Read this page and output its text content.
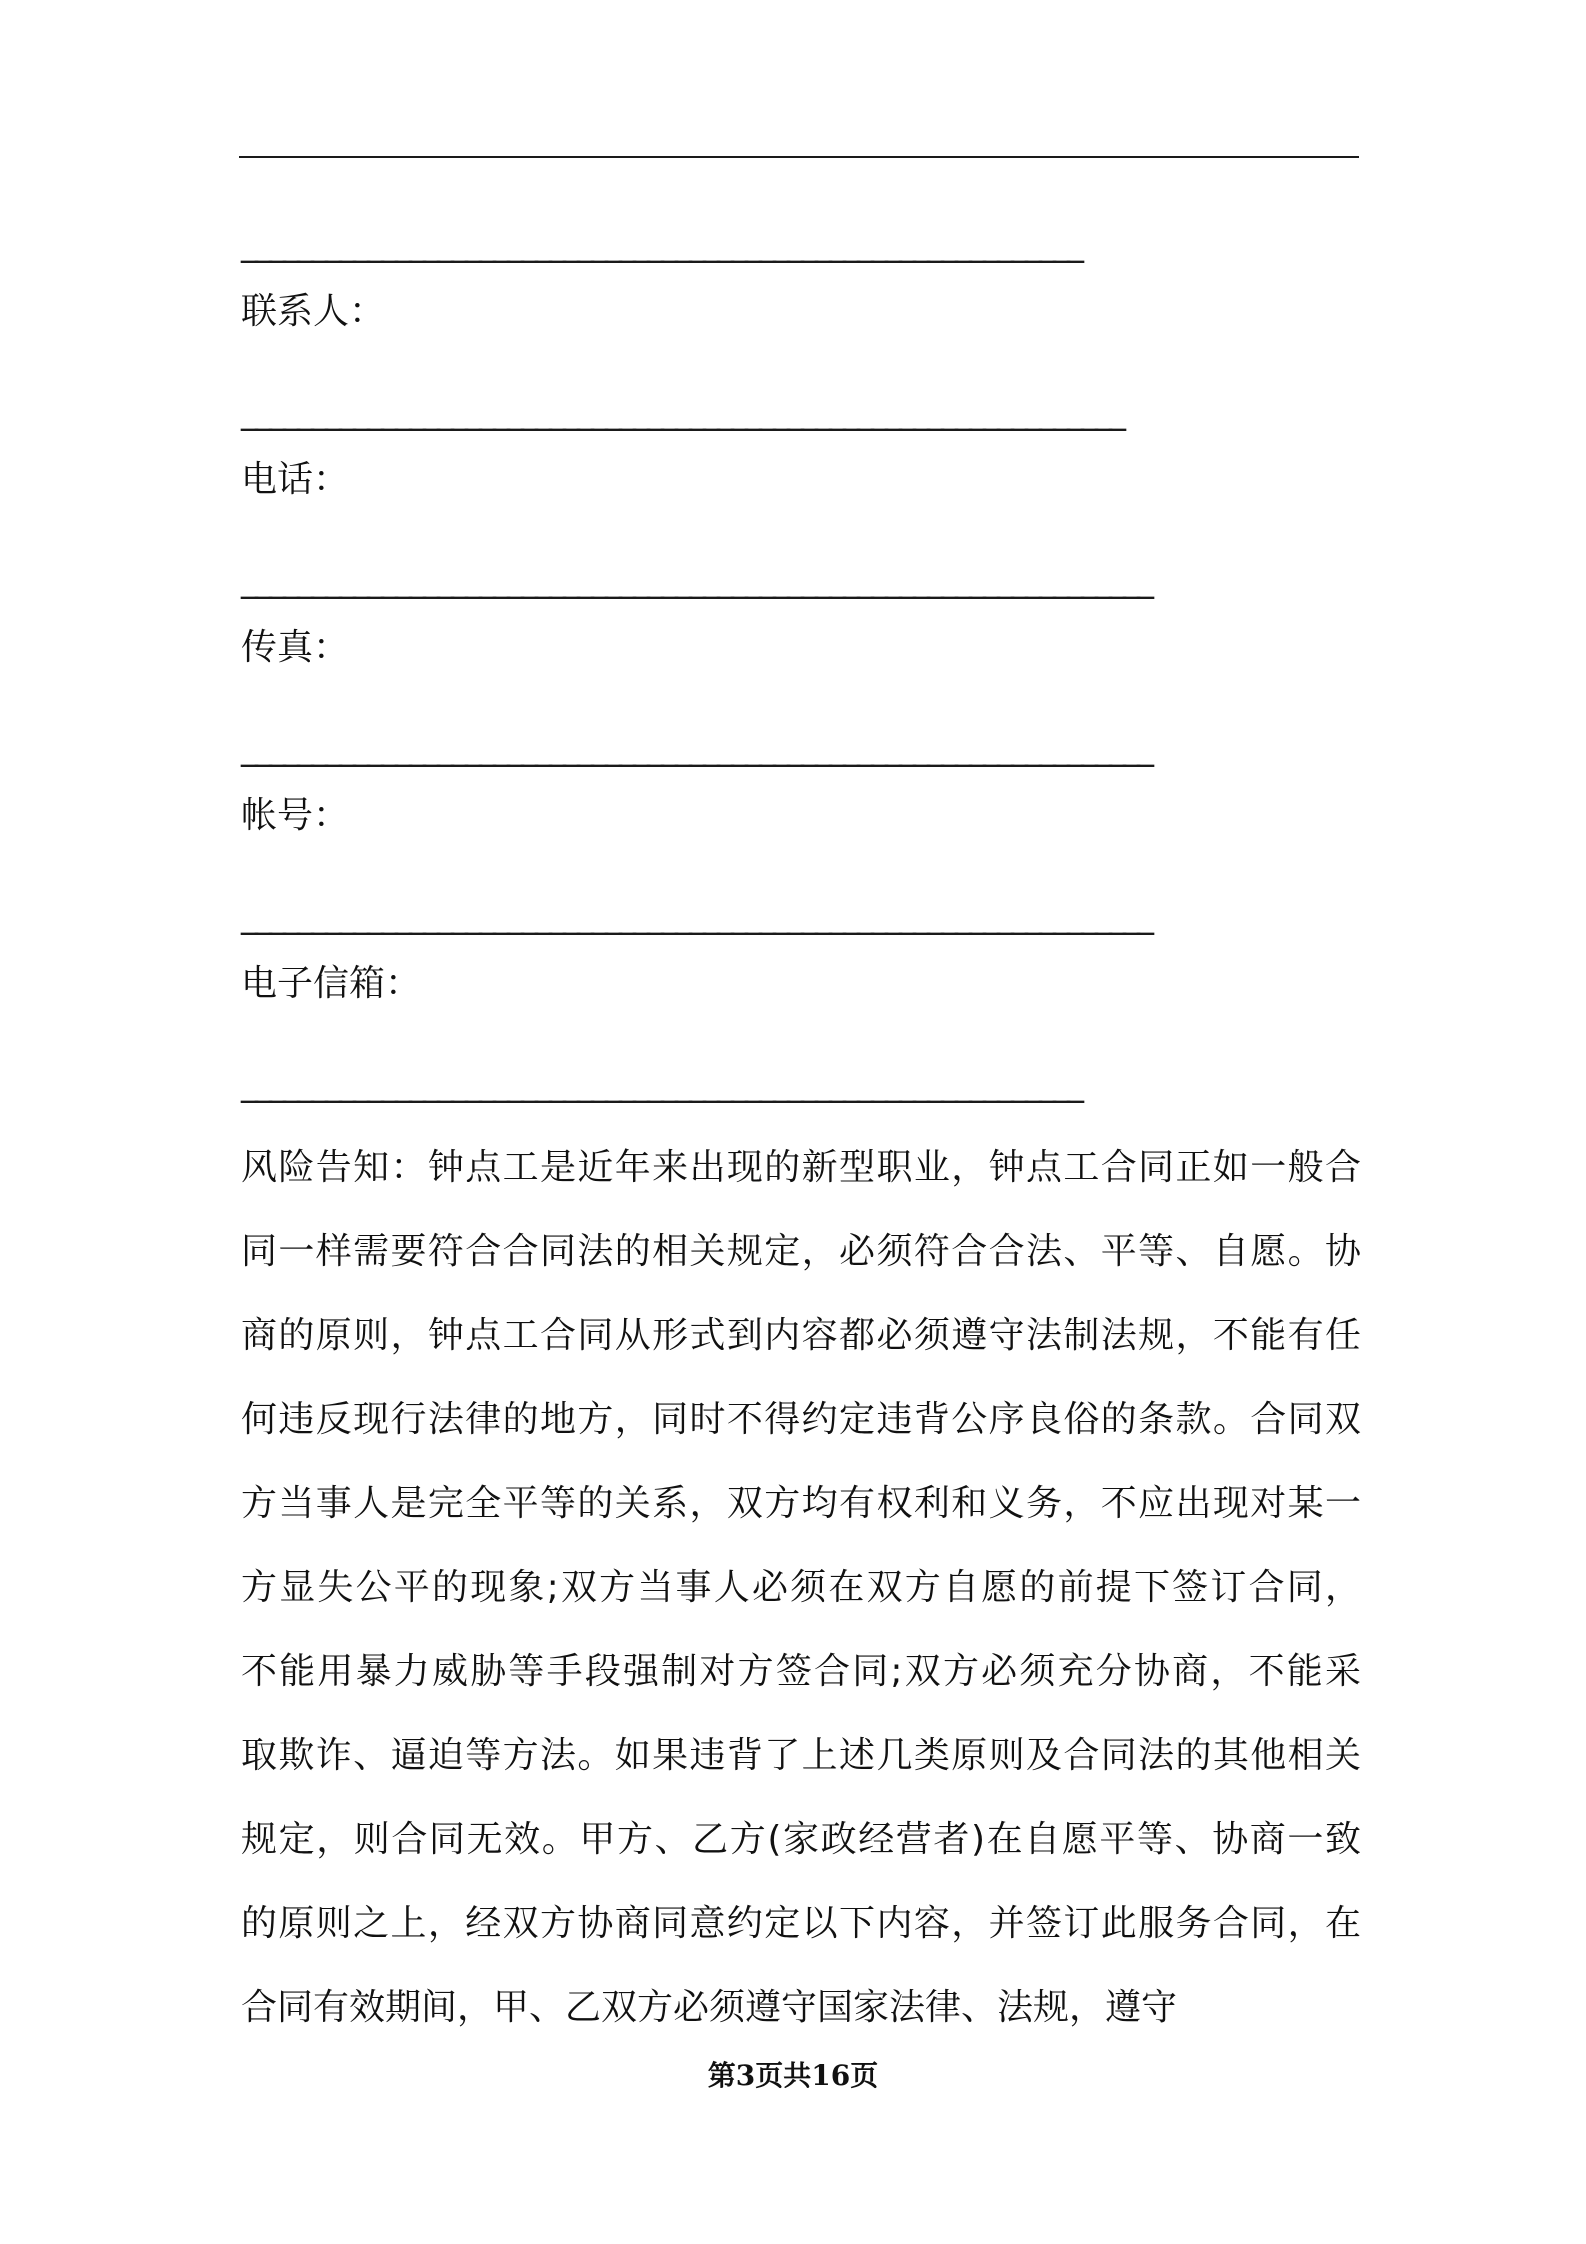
____________________________________________________________
联系人：
_______________________________________________________________
电话：
_________________________________________________________________
传真：
_________________________________________________________________
帐号：
_________________________________________________________________
电子信箱：
____________________________________________________________
风险告知：钟点工是近年来出现的新型职业，钟点工合同正如一般合
同一样需要符合合同法的相关规定，必须符合合法、平等、自愿。协
商的原则，钟点工合同从形式到内容都必须遵守法制法规，不能有任
何违反现行法律的地方，同时不得约定违背公序良俗的条款。合同双
方当事人是完全平等的关系，双方均有权利和义务，不应出现对某一
方显失公平的现象;双方当事人必须在双方自愿的前提下签订合同，
不能用暴力威胁等手段强制对方签合同;双方必须充分协商，不能采
取欺诈、逼迫等方法。如果违背了上述几类原则及合同法的其他相关
规定，则合同无效。甲方、乙方(家政经营者)在自愿平等、协商一致
的原则之上，经双方协商同意约定以下内容，并签订此服务合同，在
合同有效期间，甲、乙双方必须遵守国家法律、法规，遵守
第3页共16页
